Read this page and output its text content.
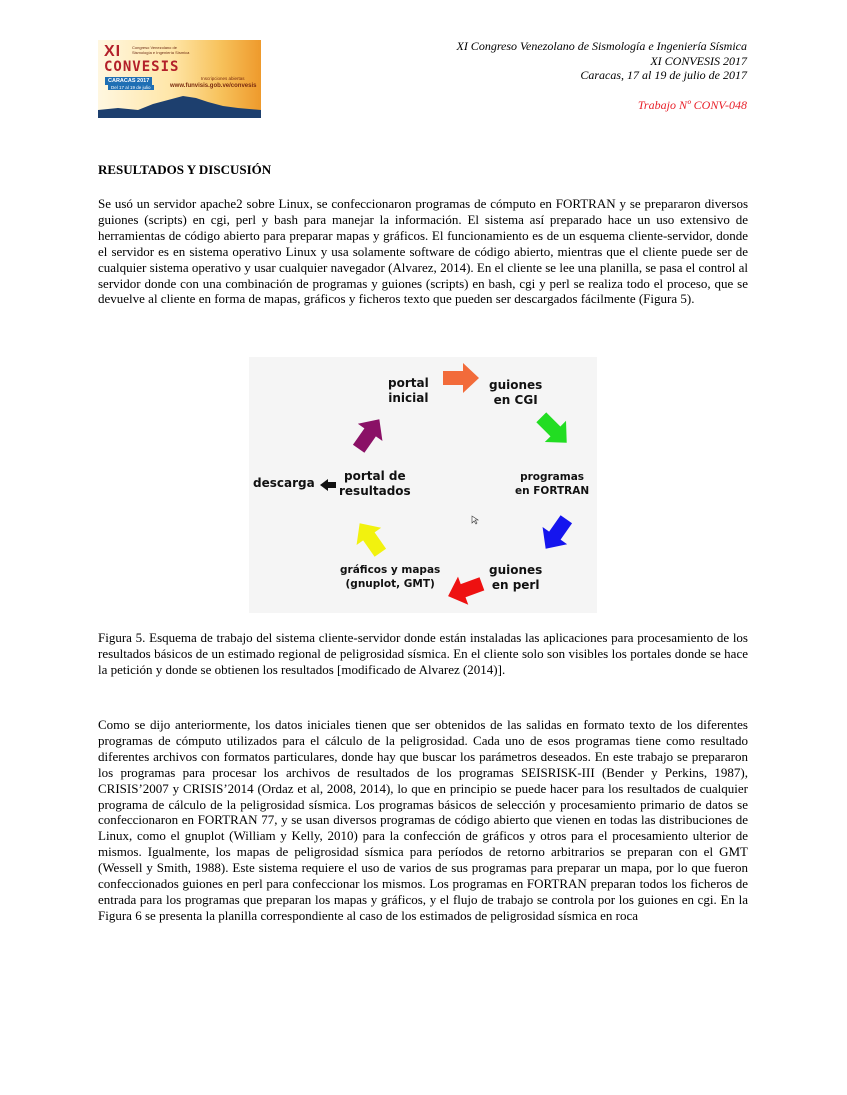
XI	Congreso Venezolano de Sismología e Ingeniería Sísmica
CONVESIS
CARACAS 2017	Inscripciones abiertas
www.funvisis.gob.ve/convesis
Del 17 al 19 de julio
XI Congreso Venezolano de Sismología e Ingeniería Sísmica
XI CONVESIS 2017
Caracas, 17 al 19 de julio de 2017
Trabajo Nº CONV-048
RESULTADOS Y DISCUSIÓN

Se usó un servidor apache2 sobre Linux, se confeccionaron programas de cómputo en FORTRAN y se prepararon diversos guiones (scripts) en cgi, perl y bash para manejar la información. El sistema así preparado hace un uso extensivo de herramientas de código abierto para preparar mapas y gráficos. El funcionamiento es de un esquema cliente-servidor, donde el servidor es en sistema operativo Linux y usa solamente software de código abierto, mientras que el cliente puede ser de cualquier sistema operativo y usar cualquier navegador (Alvarez, 2014). En el cliente se lee una planilla, se pasa el control al servidor donde con una combinación de programas y guiones (scripts) en bash, cgi y perl se realiza todo el proceso, que se devuelve al cliente en forma de mapas, gráficos y ficheros texto que pueden ser descargados fácilmente (Figura 5).

portal
inicial
guiones
en CGI
programas
en FORTRAN
guiones
en perl
gráficos y mapas
(gnuplot, GMT)
portal de
resultados
descarga

Figura 5. Esquema de trabajo del sistema cliente-servidor donde están instaladas las aplicaciones para procesamiento de los resultados básicos de un estimado regional de peligrosidad sísmica. En el cliente solo son visibles los portales donde se hace la petición y donde se obtienen los resultados [modificado de Alvarez (2014)].

Como se dijo anteriormente, los datos iniciales tienen que ser obtenidos de las salidas en formato texto de los diferentes programas de cómputo utilizados para el cálculo de la peligrosidad. Cada uno de esos programas tiene como resultado diferentes archivos con formatos particulares, donde hay que buscar los parámetros deseados. En este trabajo se prepararon los programas para procesar los archivos de resultados de los programas SEISRISK-III (Bender y Perkins, 1987), CRISIS’2007 y CRISIS’2014 (Ordaz et al, 2008, 2014), lo que en principio se puede hacer para los resultados de cualquier programa de cálculo de la peligrosidad sísmica. Los programas básicos de selección y procesamiento primario de datos se confeccionaron en FORTRAN 77, y se usan diversos programas de código abierto que vienen en todas las distribuciones de Linux, como el gnuplot (William y Kelly, 2010) para la confección de gráficos y otros para el procesamiento ulterior de mismos. Igualmente, los mapas de peligrosidad sísmica para períodos de retorno arbitrarios se preparan con el GMT (Wessell y Smith, 1988). Este sistema requiere el uso de varios de sus programas para preparar un mapa, por lo que fueron confeccionados guiones en perl para confeccionar los mismos. Los programas en FORTRAN preparan todos los ficheros de entrada para los programas que preparan los mapas y gráficos, y el flujo de trabajo se controla por los guiones en cgi. En la Figura 6 se presenta la planilla correspondiente al caso de los estimados de peligrosidad sísmica en roca
